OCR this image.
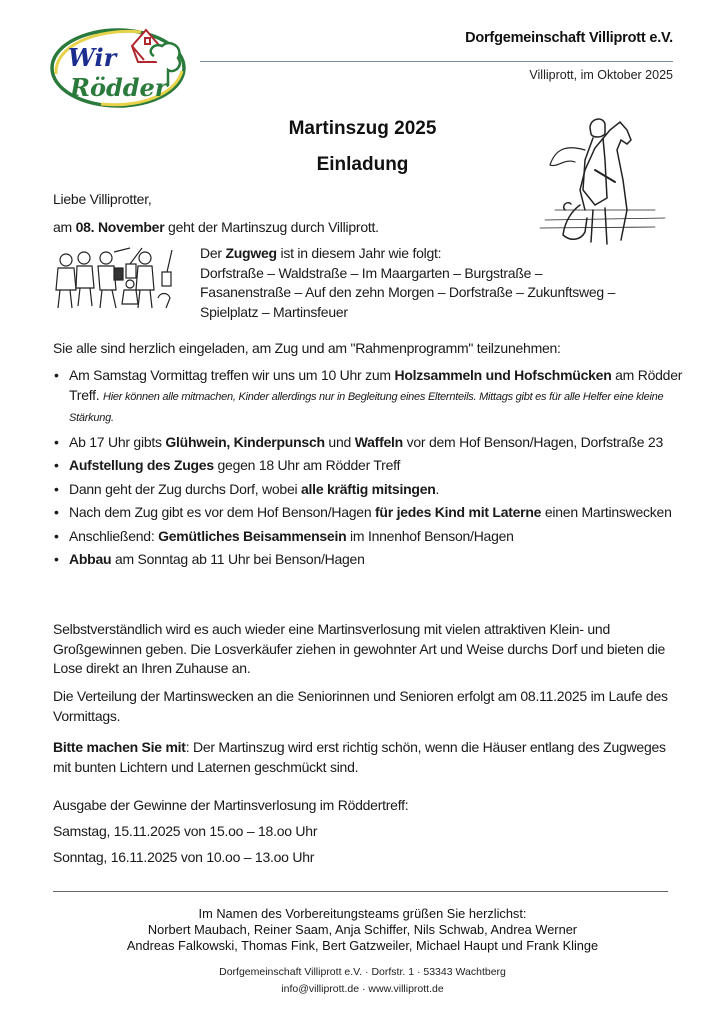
Wir
Rödder
Dorfgemeinschaft Villiprott e.V.
Villiprott, im Oktober 2025
Martinszug 2025
Einladung
Liebe Villiprotter,
am 08. November geht der Martinszug durch Villiprott.
Der Zugweg ist in diesem Jahr wie folgt:
Dorfstraße – Waldstraße – Im Maargarten – Burgstraße –
Fasanenstraße – Auf den zehn Morgen – Dorfstraße – Zukunftsweg –
Spielplatz – Martinsfeuer
Sie alle sind herzlich eingeladen, am Zug und am "Rahmenprogramm" teilzunehmen:
• Am Samstag Vormittag treffen wir uns um 10 Uhr zum Holzsammeln und Hofschmücken am Rödder Treff. Hier können alle mitmachen, Kinder allerdings nur in Begleitung eines Elternteils. Mittags gibt es für alle Helfer eine kleine Stärkung.
• Ab 17 Uhr gibts Glühwein, Kinderpunsch und Waffeln vor dem Hof Benson/Hagen, Dorfstraße 23
• Aufstellung des Zuges gegen 18 Uhr am Rödder Treff
• Dann geht der Zug durchs Dorf, wobei alle kräftig mitsingen.
• Nach dem Zug gibt es vor dem Hof Benson/Hagen für jedes Kind mit Laterne einen Martinswecken
• Anschließend: Gemütliches Beisammensein im Innenhof Benson/Hagen
• Abbau am Sonntag ab 11 Uhr bei Benson/Hagen
Selbstverständlich wird es auch wieder eine Martinsverlosung mit vielen attraktiven Klein- und Großgewinnen geben. Die Losverkäufer ziehen in gewohnter Art und Weise durchs Dorf und bieten die Lose direkt an Ihren Zuhause an.
Die Verteilung der Martinswecken an die Seniorinnen und Senioren erfolgt am 08.11.2025 im Laufe des Vormittags.
Bitte machen Sie mit: Der Martinszug wird erst richtig schön, wenn die Häuser entlang des Zugweges mit bunten Lichtern und Laternen geschmückt sind.
Ausgabe der Gewinne der Martinsverlosung im Röddertreff:
Samstag, 15.11.2025 von 15.oo – 18.oo Uhr
Sonntag, 16.11.2025 von 10.oo – 13.oo Uhr
Im Namen des Vorbereitungsteams grüßen Sie herzlichst:
Norbert Maubach, Reiner Saam, Anja Schiffer, Nils Schwab, Andrea Werner
Andreas Falkowski, Thomas Fink, Bert Gatzweiler, Michael Haupt und Frank Klinge
Dorfgemeinschaft Villiprott e.V. · Dorfstr. 1 · 53343 Wachtberg
info@villiprott.de · www.villiprott.de
